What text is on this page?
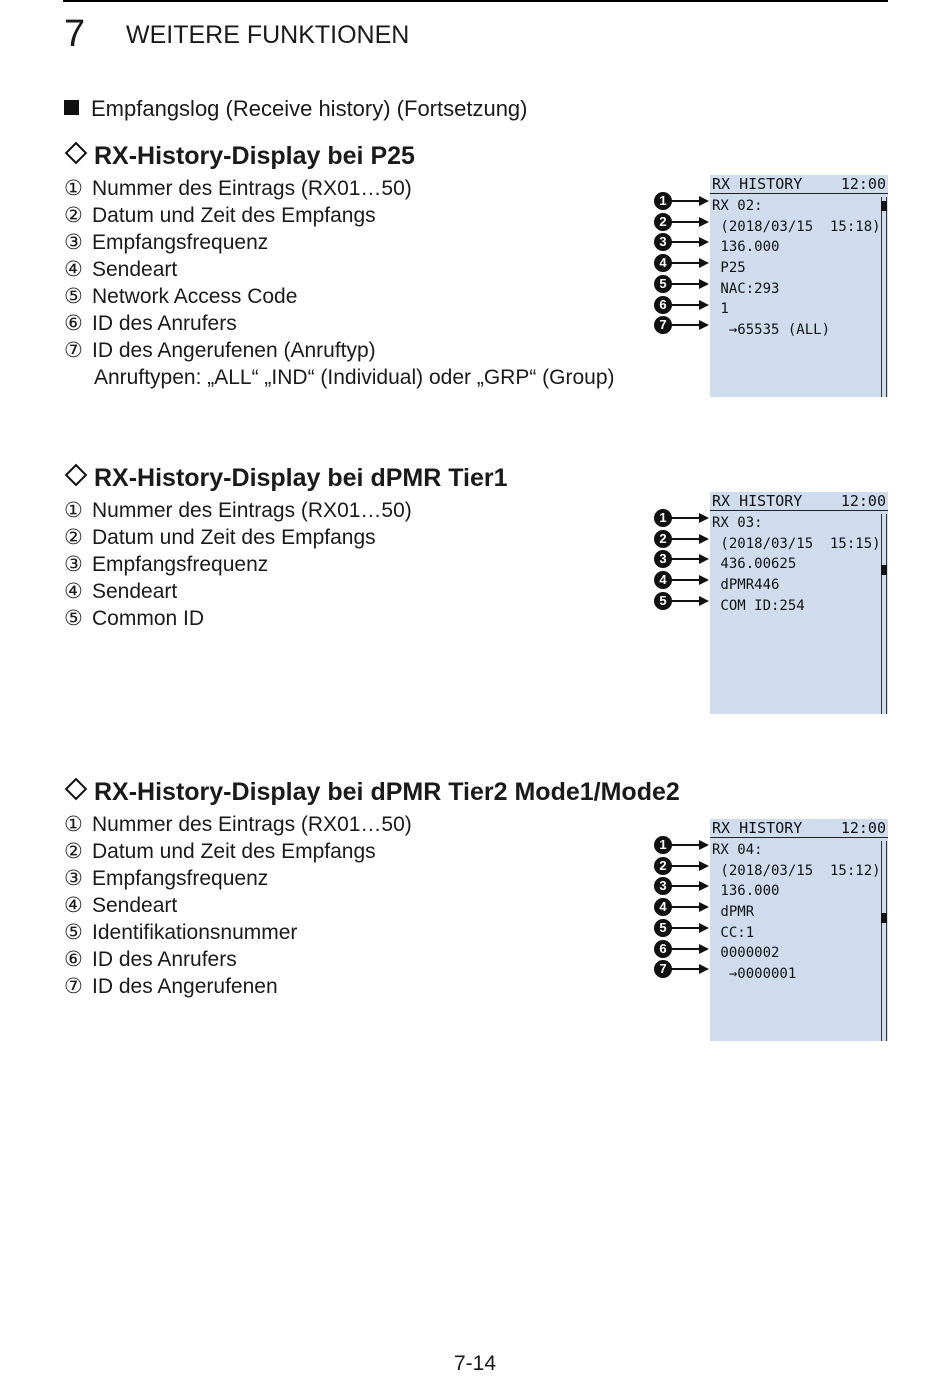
7 WEITERE FUNKTIONEN
Empfangslog (Receive history) (Fortsetzung)
RX-History-Display bei P25
① Nummer des Eintrags (RX01…50)
② Datum und Zeit des Empfangs
③ Empfangsfrequenz
④ Sendeart
⑤ Network Access Code
⑥ ID des Anrufers
⑦ ID des Angerufenen (Anruftyp)
Anruftypen: „ALL“ „IND“ (Individual) oder „GRP“ (Group)
RX HISTORY	12:00
RX 02:
(2018/03/15  15:18)
136.000
P25
NAC:293
1
→65535 (ALL)
1
2
3
4
5
6
7
RX-History-Display bei dPMR Tier1
① Nummer des Eintrags (RX01…50)
② Datum und Zeit des Empfangs
③ Empfangsfrequenz
④ Sendeart
⑤ Common ID
RX HISTORY	12:00
RX 03:
(2018/03/15  15:15)
436.00625
dPMR446
COM ID:254
1
2
3
4
5
RX-History-Display bei dPMR Tier2 Mode1/Mode2
① Nummer des Eintrags (RX01…50)
② Datum und Zeit des Empfangs
③ Empfangsfrequenz
④ Sendeart
⑤ Identifikationsnummer
⑥ ID des Anrufers
⑦ ID des Angerufenen
RX HISTORY	12:00
RX 04:
(2018/03/15  15:12)
136.000
dPMR
CC:1
0000002
→0000001
1
2
3
4
5
6
7
7-14
